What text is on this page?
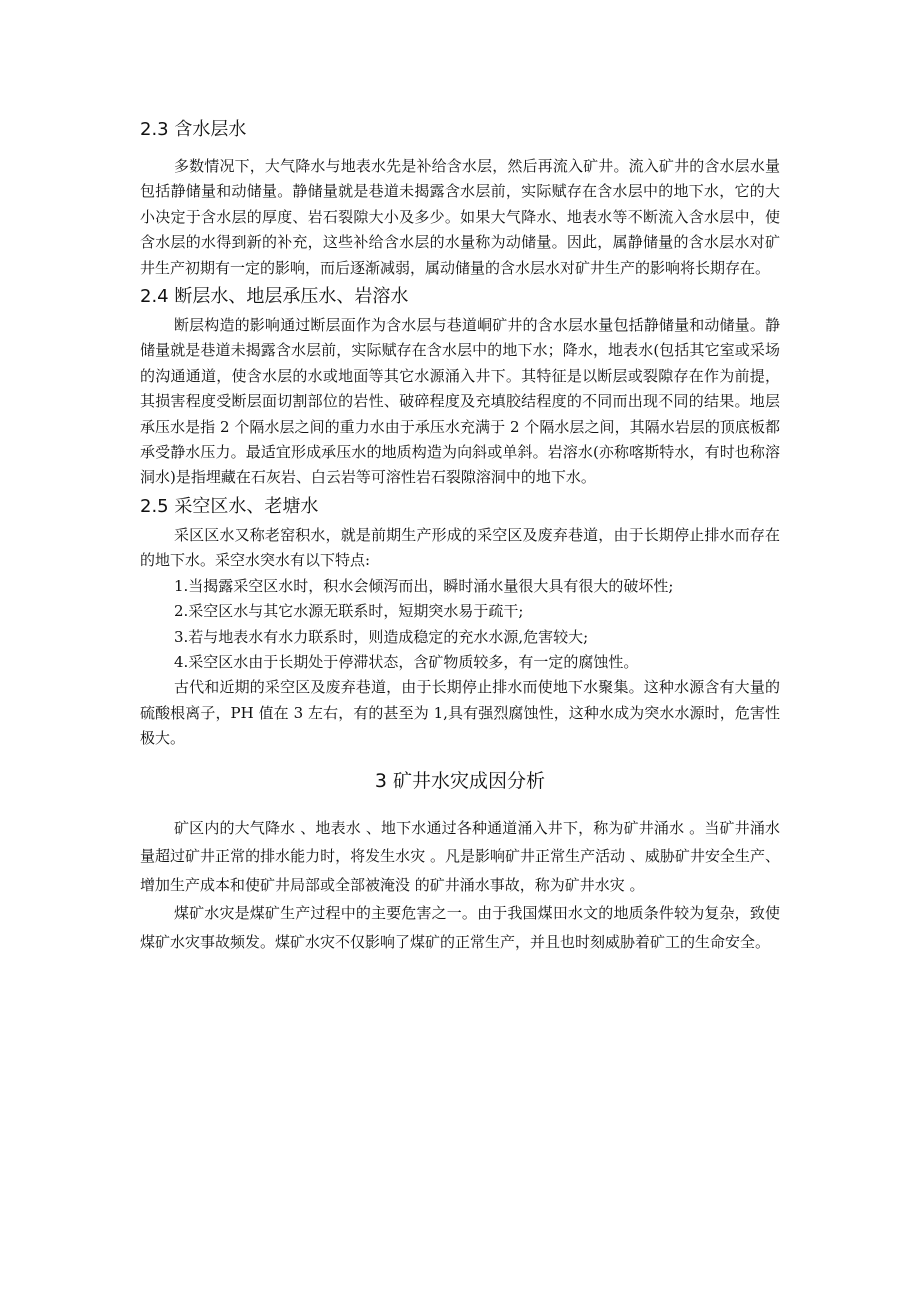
2.3 含水层水

多数情况下，大气降水与地表水先是补给含水层，然后再流入矿井。流入矿井的含水层水量包括静储量和动储量。静储量就是巷道未揭露含水层前，实际赋存在含水层中的地下水，它的大小决定于含水层的厚度、岩石裂隙大小及多少。如果大气降水、地表水等不断流入含水层中，使含水层的水得到新的补充，这些补给含水层的水量称为动储量。因此，属静储量的含水层水对矿井生产初期有一定的影响，而后逐渐减弱，属动储量的含水层水对矿井生产的影响将长期存在。

2.4 断层水、地层承压水、岩溶水

断层构造的影响通过断层面作为含水层与巷道峒矿井的含水层水量包括静储量和动储量。静储量就是巷道未揭露含水层前，实际赋存在含水层中的地下水；降水，地表水(包括其它室或采场的沟通通道，使含水层的水或地面等其它水源涌入井下。其特征是以断层或裂隙存在作为前提，其损害程度受断层面切割部位的岩性、破碎程度及充填胶结程度的不同而出现不同的结果。地层承压水是指 2 个隔水层之间的重力水由于承压水充满于 2 个隔水层之间，其隔水岩层的顶底板都承受静水压力。最适宜形成承压水的地质构造为向斜或单斜。岩溶水(亦称喀斯特水，有时也称溶洞水)是指埋藏在石灰岩、白云岩等可溶性岩石裂隙溶洞中的地下水。

2.5 采空区水、老塘水

采区区水又称老窑积水，就是前期生产形成的采空区及废弃巷道，由于长期停止排水而存在的地下水。采空水突水有以下特点:

1.当揭露采空区水时，积水会倾泻而出，瞬时涌水量很大具有很大的破坏性;

2.采空区水与其它水源无联系时，短期突水易于疏干;

3.若与地表水有水力联系时，则造成稳定的充水水源,危害较大;

4.采空区水由于长期处于停滞状态，含矿物质较多，有一定的腐蚀性。

古代和近期的采空区及废弃巷道，由于长期停止排水而使地下水聚集。这种水源含有大量的硫酸根离子，PH 值在 3 左右，有的甚至为 1,具有强烈腐蚀性，这种水成为突水水源时，危害性极大。

3 矿井水灾成因分析

矿区内的大气降水 、地表水 、地下水通过各种通道涌入井下，称为矿井涌水 。当矿井涌水量超过矿井正常的排水能力时，将发生水灾 。凡是影响矿井正常生产活动 、威胁矿井安全生产、增加生产成本和使矿井局部或全部被淹没 的矿井涌水事故，称为矿井水灾 。

煤矿水灾是煤矿生产过程中的主要危害之一。由于我国煤田水文的地质条件较为复杂，致使煤矿水灾事故频发。煤矿水灾不仅影响了煤矿的正常生产，并且也时刻威胁着矿工的生命安全。
